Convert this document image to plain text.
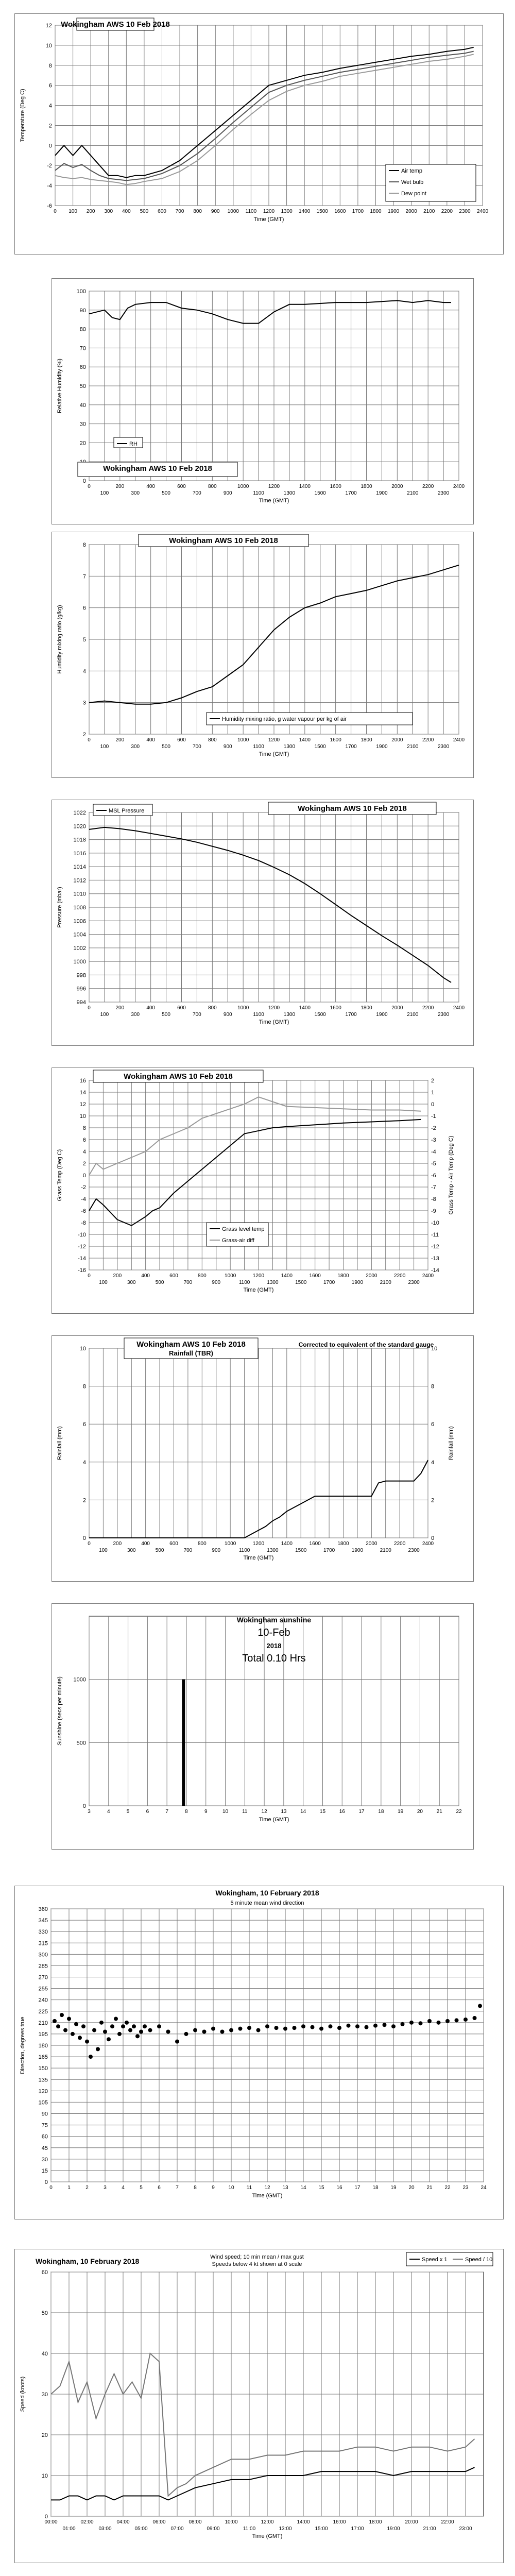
-6
-4
-2
0
2
4
6
8
10
12
0 100 200 300 400 500 600 700 800 900 1000 1100 1200 1300 1400 1500 1600 1700 1800 1900 2000 2100 2200 2300 2400
Time (GMT)
Temperature (Deg C)
Wokingham AWS 10 Feb 2018
Air temp
Wet bulb
Dew point
0
20
30
40
50
60
70
80
90
100
0	200	400	600	800	1000	1200	1400	1600	1800	2000	2200	2400
100	300	500	700	900	1100	1300	1500	1700	1900	2100	2300
Time (GMT)
Relative Humidity (%)
Wokingham AWS 10 Feb 2018
RH
2
3
4
5
6
7
8
0	200	400	600	800	1000	1200	1400	1600	1800	2000	2200	2400
100	300	500	700	900	1100	1300	1500	1700	1900	2100	2300
Time (GMT)
Humidity mixing ratio (g/kg)
Wokingham AWS 10 Feb 2018
Humidity mixing ratio, g water vapour per kg of air
994
996
998
1000
1002
1004
1006
1008
1010
1012
1014
1016
1018
1020
1022
0	200	400	600	800	1000	1200	1400	1600	1800	2000	2200	2400
100	300	500	700	900	1100	1300	1500	1700	1900	2100	2300
Time (GMT)
Pressure (mbar)
Wokingham AWS 10 Feb 2018
MSL Pressure
-16
-14
-12
-10
-8
-6
-4
-2
0
2
4
6
8
10
12
14
16
-14
-13
-12
-11
-10
-9
-8
-7
-6
-5
-4
-3
-2
-1
0
1
2
0	200	400	600	800	1000	1200	1400	1600	1800	2000	2200	2400
100	300	500	700	900	1100	1300	1500	1700	1900	2100	2300
Time (GMT)
Grass Temp (Deg C)	Grass Temp - Air Temp (Deg C)
Wokingham AWS 10 Feb 2018
Grass level temp
Grass-air diff
0
2
4
6
8
10
0
2
4
6
8
10
0	200	400	600	800	1000	1200	1400	1600	1800	2000	2200	2400
100	300	500	700	900	1100	1300	1500	1700	1900	2100	2300
Time (GMT)
Rainfall (mm)	Rainfall (mm)
Wokingham AWS 10 Feb 2018
Rainfall (TBR)
Corrected to equivalent of the standard gauge
0
500
1000
3	4	5	6	7	8	9	10	11	12	13	14	15	16	17	18	19	20	21	22
Time (GMT)
Sunshine (secs per minute)
Wokingham sunshine
10-Feb
2018
Total 0.10 Hrs
0
15
30
45
60
75
90
105
120
135
150
165
180
195
210
225
240
255
270
285
300
315
330
345
360
0	1	2	3	4	5	6	7	8	9	10 11 12 13 14 15 16 17 18 19 20 21 22 23 24
Time (GMT)
Direction, degrees true
Wokingham, 10 February 2018
5 minute mean wind direction
0
10
20
30
40
50
60
00:00	02:00	04:00	06:00	08:00	10:00	12:00	14:00	16:00	18:00	20:00	22:00
01:00	03:00	05:00	07:00	09:00	11:00	13:00	15:00	17:00	19:00	21:00	23:00
Time (GMT)
Speed (knots)
Wokingham, 10 February 2018	Wind speed; 10 min mean / max gust
Speeds below 4 kt shown at 0 scale
Speed x 1	Speed / 10
